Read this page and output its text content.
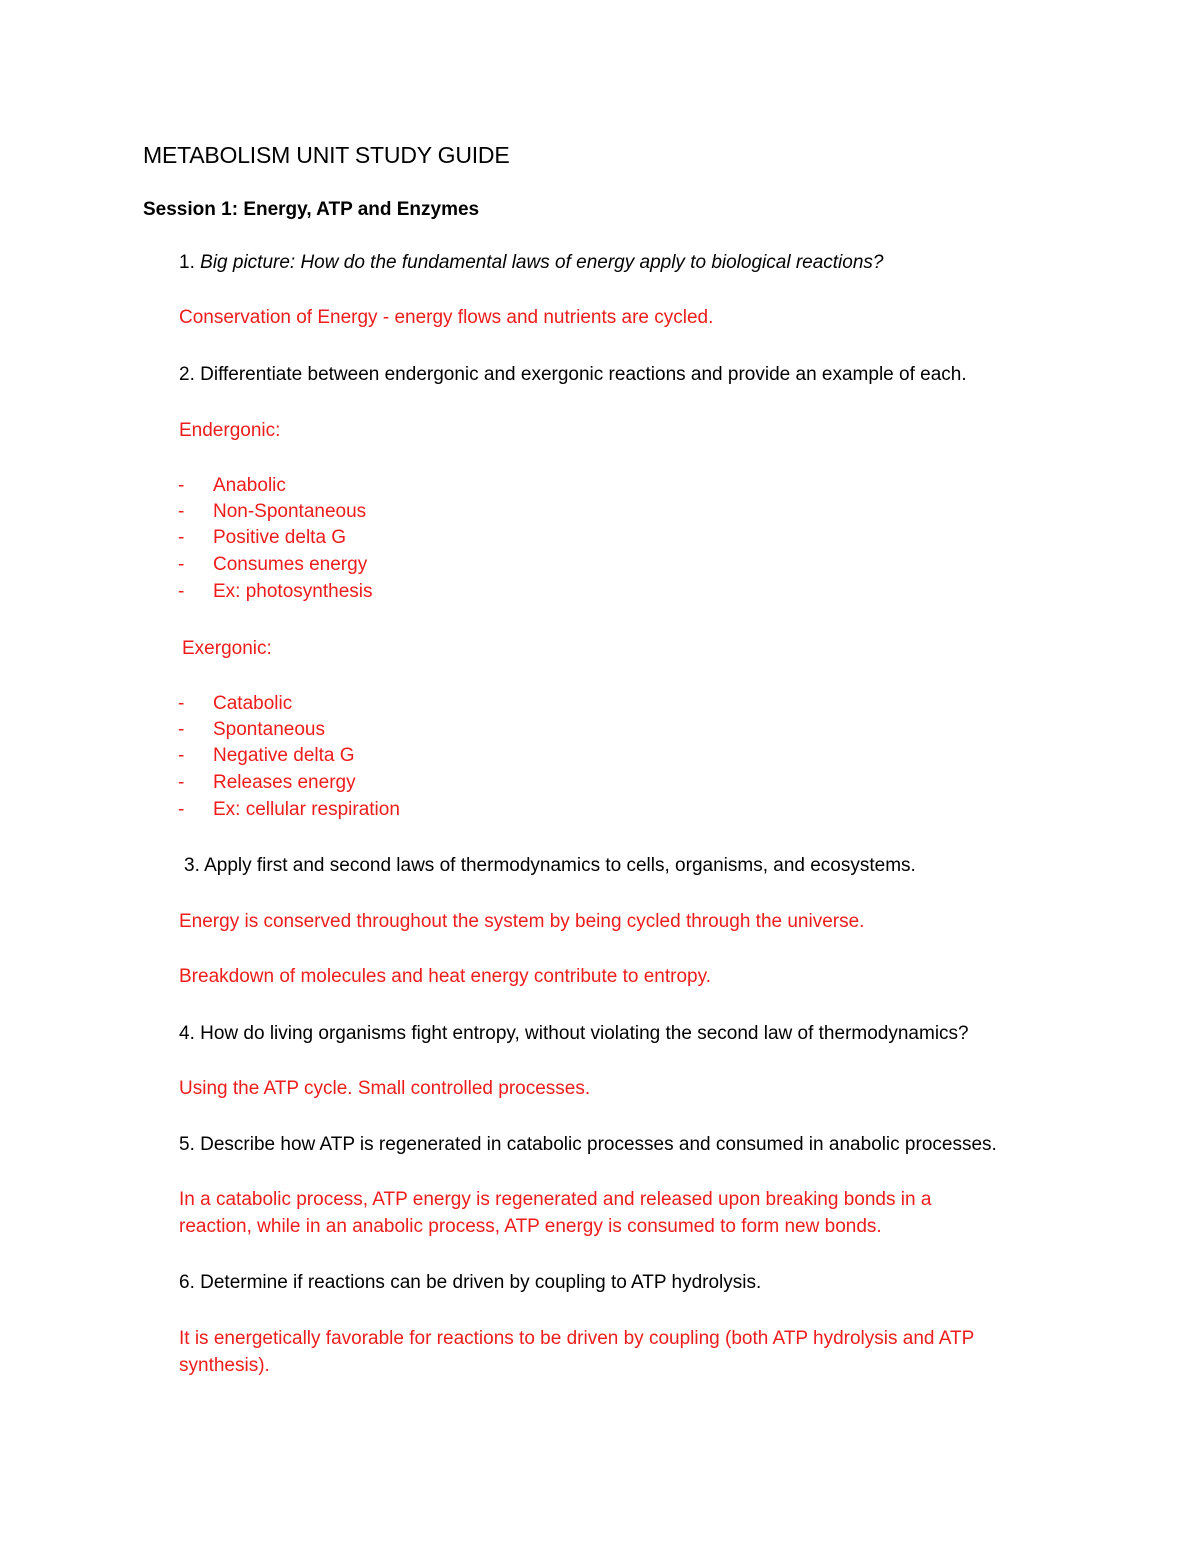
METABOLISM UNIT STUDY GUIDE
Session 1: Energy, ATP and Enzymes
1. Big picture: How do the fundamental laws of energy apply to biological reactions?
Conservation of Energy - energy flows and nutrients are cycled.
2. Differentiate between endergonic and exergonic reactions and provide an example of each.
Endergonic:
- Anabolic
- Non-Spontaneous
- Positive delta G
- Consumes energy
- Ex: photosynthesis
Exergonic:
- Catabolic
- Spontaneous
- Negative delta G
- Releases energy
- Ex: cellular respiration
3. Apply first and second laws of thermodynamics to cells, organisms, and ecosystems.
Energy is conserved throughout the system by being cycled through the universe.
Breakdown of molecules and heat energy contribute to entropy.
4. How do living organisms fight entropy, without violating the second law of thermodynamics?
Using the ATP cycle. Small controlled processes.
5. Describe how ATP is regenerated in catabolic processes and consumed in anabolic processes.
In a catabolic process, ATP energy is regenerated and released upon breaking bonds in a
reaction, while in an anabolic process, ATP energy is consumed to form new bonds.
6. Determine if reactions can be driven by coupling to ATP hydrolysis.
It is energetically favorable for reactions to be driven by coupling (both ATP hydrolysis and ATP
synthesis).
